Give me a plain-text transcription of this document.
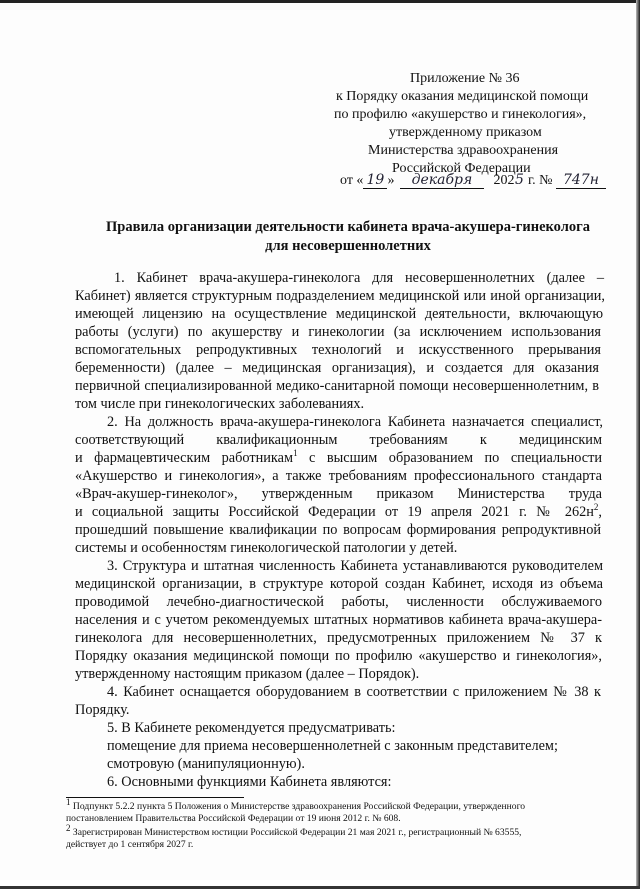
Приложение № 36
к Порядку оказания медицинской помощи
по профилю «акушерство и гинекология»,
утвержденному приказом
Министерства здравоохранения
Российской Федерации
от « 19 » декабря 2025 г. № 747н
Правила организации деятельности кабинета врача-акушера-гинеколога
для несовершеннолетних
1. Кабинет врача-акушера-гинеколога для несовершеннолетних (далее –
Кабинет) является структурным подразделением медицинской или иной организации,
имеющей лицензию на осуществление медицинской деятельности, включающую
работы (услуги) по акушерству и гинекологии (за исключением использования
вспомогательных репродуктивных технологий и искусственного прерывания
беременности) (далее – медицинская организация), и создается для оказания
первичной специализированной медико-санитарной помощи несовершеннолетним, в
том числе при гинекологических заболеваниях.
2. На должность врача-акушера-гинеколога Кабинета назначается специалист,
соответствующий квалификационным требованиям к медицинским
и фармацевтическим работникам$^1$ с высшим образованием по специальности
«Акушерство и гинекология», а также требованиям профессионального стандарта
«Врач-акушер-гинеколог», утвержденным приказом Министерства труда
и социальной защиты Российской Федерации от 19 апреля 2021 г. № $262н^2$,
прошедший повышение квалификации по вопросам формирования репродуктивной
системы и особенностям гинекологической патологии у детей.
3. Структура и штатная численность Кабинета устанавливаются руководителем
медицинской организации, в структуре которой создан Кабинет, исходя из объема
проводимой лечебно-диагностической работы, численности обслуживаемого
населения и с учетом рекомендуемых штатных нормативов кабинета врача-акушера-
гинеколога для несовершеннолетних, предусмотренных приложением № 37 к
Порядку оказания медицинской помощи по профилю «акушерство и гинекология»,
утвержденному настоящим приказом (далее – Порядок).
4. Кабинет оснащается оборудованием в соответствии с приложением № 38 к
Порядку.
5. В Кабинете рекомендуется предусматривать:
помещение для приема несовершеннолетней с законным представителем;
смотровую (манипуляционную).
6. Основными функциями Кабинета являются:
$^1$ Подпункт 5.2.2 пункта 5 Положения о Министерстве здравоохранения Российской Федерации, утвержденного
постановлением Правительства Российской Федерации от 19 июня 2012 г. № 608.
$^2$ Зарегистрирован Министерством юстиции Российской Федерации 21 мая 2021 г., регистрационный № 63555,
действует до 1 сентября 2027 г.
